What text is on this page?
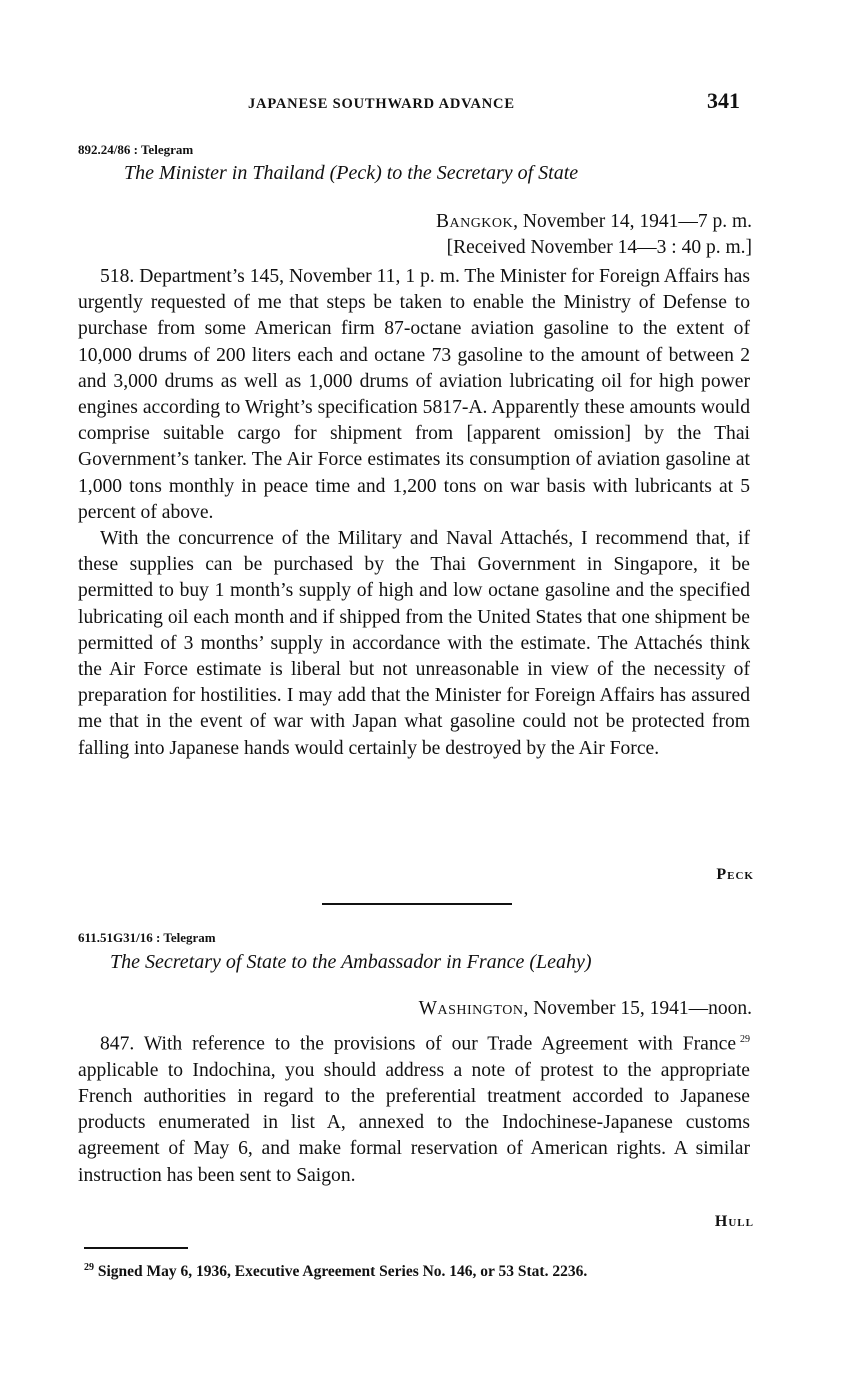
JAPANESE SOUTHWARD ADVANCE	341
892.24/86 : Telegram
The Minister in Thailand (Peck) to the Secretary of State
Bangkok, November 14, 1941—7 p. m.
[Received November 14—3 : 40 p. m.]

518. Department’s 145, November 11, 1 p. m. The Minister for Foreign Affairs has urgently requested of me that steps be taken to enable the Ministry of Defense to purchase from some American firm 87-octane aviation gasoline to the extent of 10,000 drums of 200 liters each and octane 73 gasoline to the amount of between 2 and 3,000 drums as well as 1,000 drums of aviation lubricating oil for high power engines according to Wright’s specification 5817-A. Apparently these amounts would comprise suitable cargo for shipment from [apparent omission] by the Thai Government’s tanker. The Air Force estimates its consumption of aviation gasoline at 1,000 tons monthly in peace time and 1,200 tons on war basis with lubricants at 5 percent of above.

With the concurrence of the Military and Naval Attachés, I recommend that, if these supplies can be purchased by the Thai Government in Singapore, it be permitted to buy 1 month’s supply of high and low octane gasoline and the specified lubricating oil each month and if shipped from the United States that one shipment be permitted of 3 months’ supply in accordance with the estimate. The Attachés think the Air Force estimate is liberal but not unreasonable in view of the necessity of preparation for hostilities. I may add that the Minister for Foreign Affairs has assured me that in the event of war with Japan what gasoline could not be protected from falling into Japanese hands would certainly be destroyed by the Air Force.

Peck
611.51G31/16 : Telegram
The Secretary of State to the Ambassador in France (Leahy)
Washington, November 15, 1941—noon.

847. With reference to the provisions of our Trade Agreement with France  $^{29}$ applicable to Indochina, you should address a note of protest to the appropriate French authorities in regard to the preferential treatment accorded to Japanese products enumerated in list A, annexed to the Indochinese-Japanese customs agreement of May 6, and make formal reservation of American rights. A similar instruction has been sent to Saigon.

Hull
$^{29}$ Signed May 6, 1936, Executive Agreement Series No. 146, or 53 Stat. 2236.
